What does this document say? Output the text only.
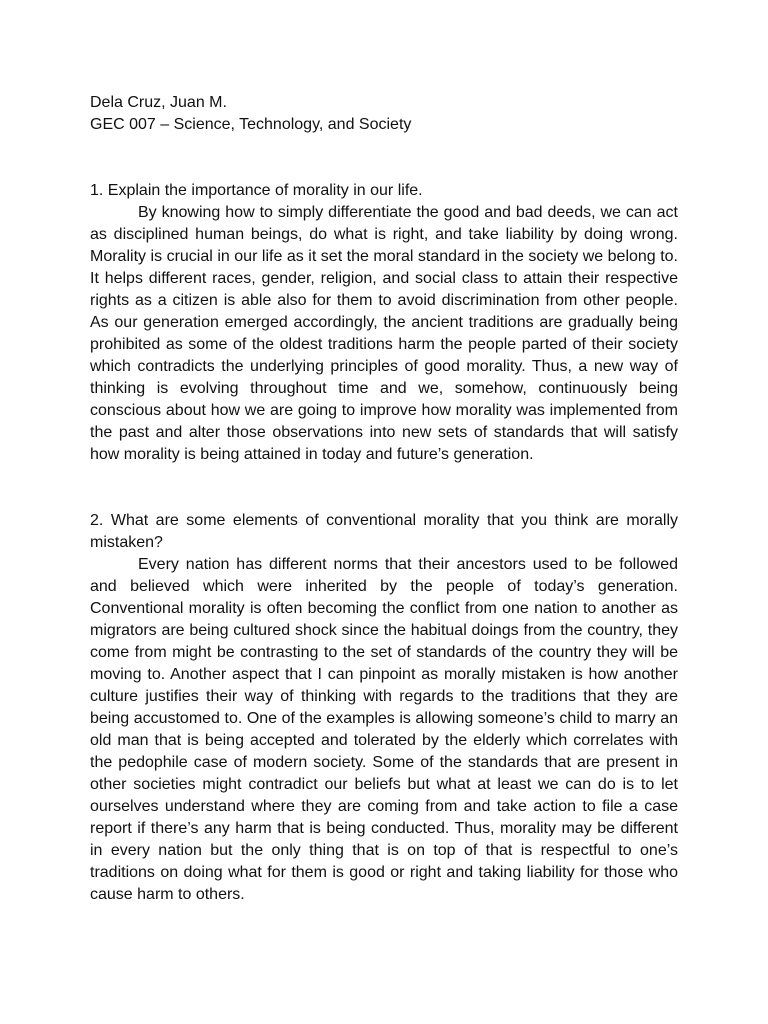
Dela Cruz, Juan M.

GEC 007 – Science, Technology, and Society

1. Explain the importance of morality in our life.

By knowing how to simply differentiate the good and bad deeds, we can act as disciplined human beings, do what is right, and take liability by doing wrong. Morality is crucial in our life as it set the moral standard in the society we belong to. It helps different races, gender, religion, and social class to attain their respective rights as a citizen is able also for them to avoid discrimination from other people. As our generation emerged accordingly, the ancient traditions are gradually being prohibited as some of the oldest traditions harm the people parted of their society which contradicts the underlying principles of good morality. Thus, a new way of thinking is evolving throughout time and we, somehow, continuously being conscious about how we are going to improve how morality was implemented from the past and alter those observations into new sets of standards that will satisfy how morality is being attained in today and future’s generation.

2. What are some elements of conventional morality that you think are morally mistaken?

Every nation has different norms that their ancestors used to be followed and believed which were inherited by the people of today’s generation. Conventional morality is often becoming the conflict from one nation to another as migrators are being cultured shock since the habitual doings from the country, they come from might be contrasting to the set of standards of the country they will be moving to. Another aspect that I can pinpoint as morally mistaken is how another culture justifies their way of thinking with regards to the traditions that they are being accustomed to. One of the examples is allowing someone’s child to marry an old man that is being accepted and tolerated by the elderly which correlates with the pedophile case of modern society. Some of the standards that are present in other societies might contradict our beliefs but what at least we can do is to let ourselves understand where they are coming from and take action to file a case report if there’s any harm that is being conducted. Thus, morality may be different in every nation but the only thing that is on top of that is respectful to one’s traditions on doing what for them is good or right and taking liability for those who cause harm to others.
